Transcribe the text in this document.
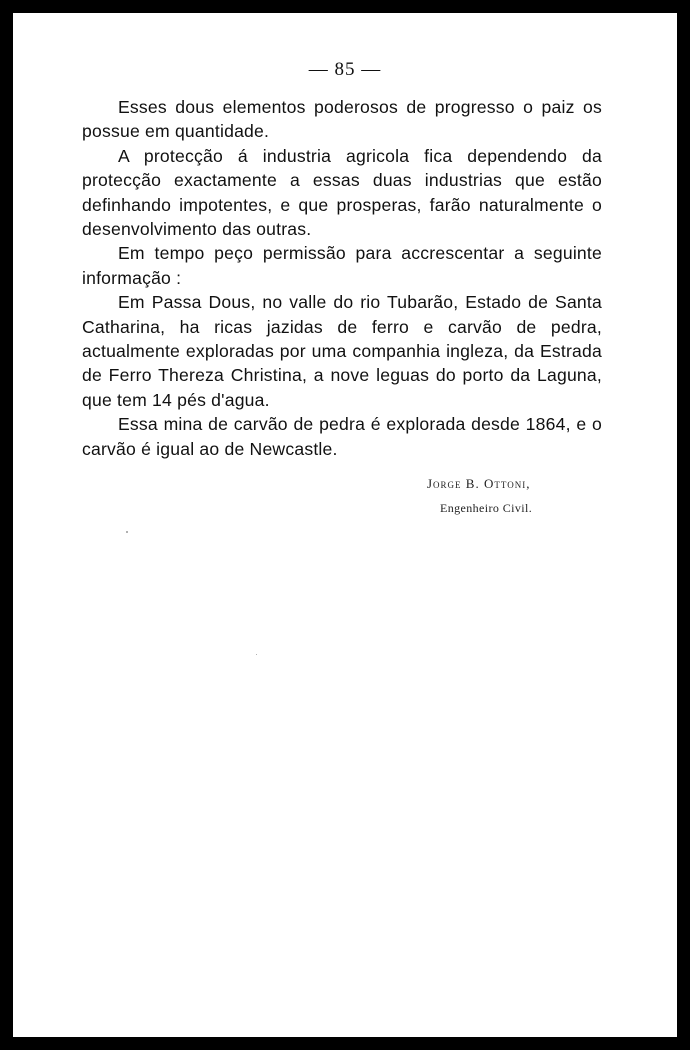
— 85 —

Esses dous elementos poderosos de progresso o paiz os possue em quantidade.

A protecção á industria agricola fica dependendo da protecção exactamente a essas duas industrias que estão definhando impotentes, e que prosperas, farão naturalmente o desenvolvimento das outras.

Em tempo peço permissão para accrescentar a seguinte informação :

Em Passa Dous, no valle do rio Tubarão, Estado de Santa Catharina, ha ricas jazidas de ferro e carvão de pedra, actualmente exploradas por uma companhia ingleza, da Estrada de Ferro Thereza Christina, a nove leguas do porto da Laguna, que tem 14 pés d'agua.

Essa mina de carvão de pedra é explorada desde 1864, e o carvão é igual ao de Newcastle.

Jorge B. Ottoni,
Engenheiro Civil.
